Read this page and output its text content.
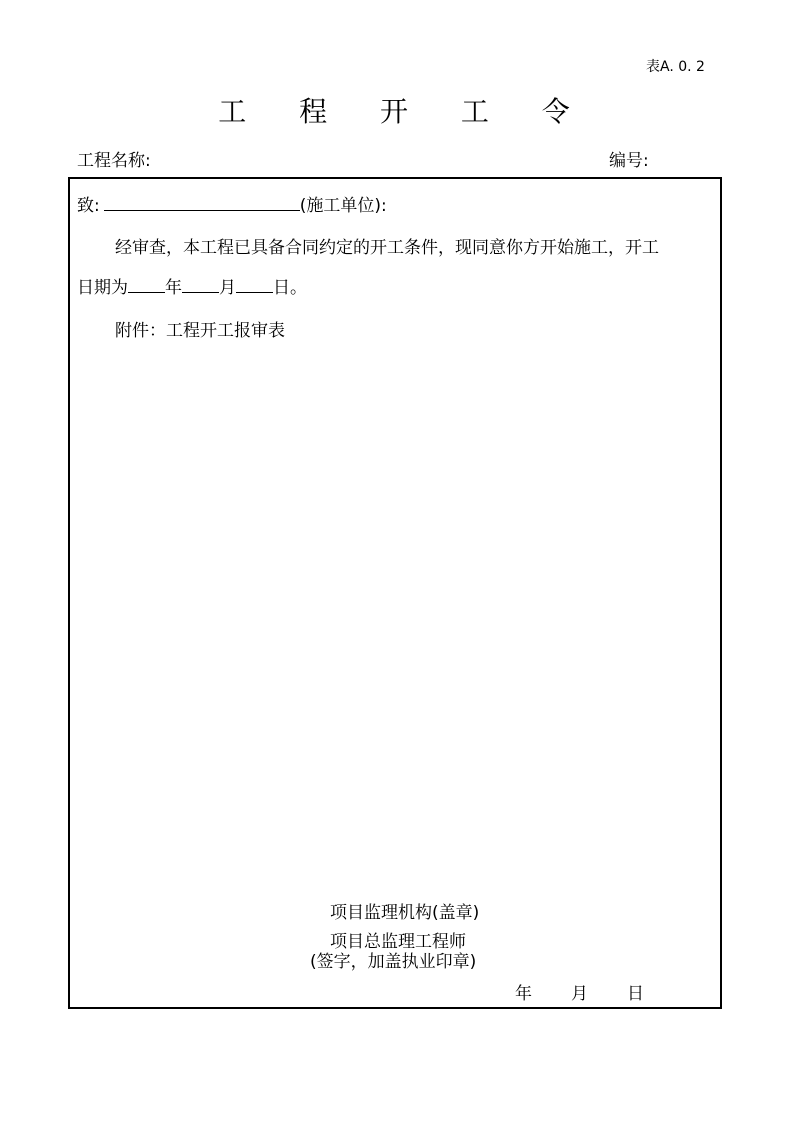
表A. 0. 2
工 程 开 工 令
工程名称:	编号:
致:	(施工单位):
经审查，本工程已具备合同约定的开工条件，现同意你方开始施工，开工
日期为 年 月 日。
附件：工程开工报审表
项目监理机构(盖章)
项目总监理工程师
(签字，加盖执业印章)
年 月 日
